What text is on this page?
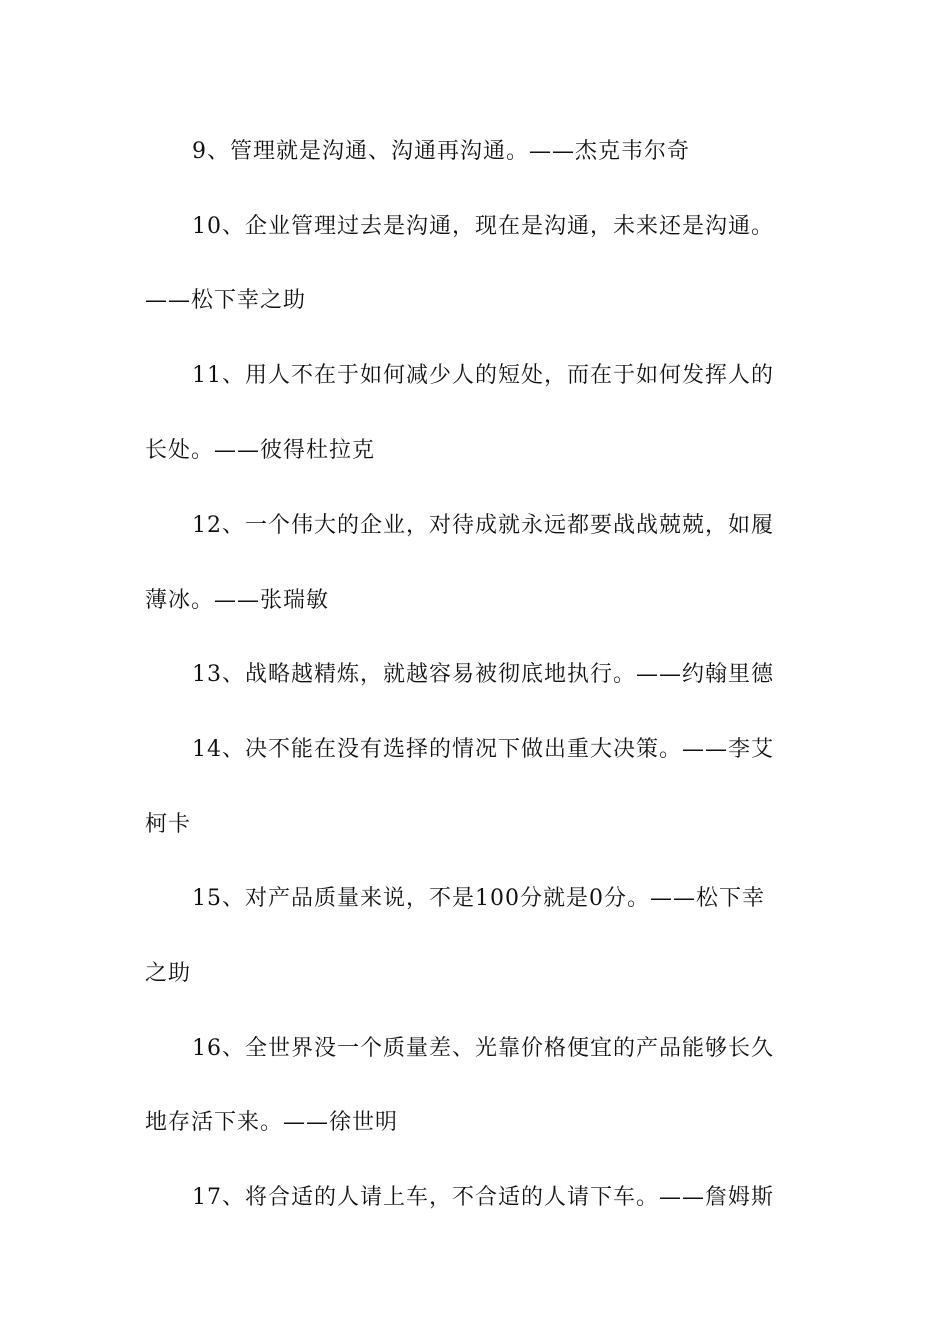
9、管理就是沟通、沟通再沟通。——杰克韦尔奇
10、企业管理过去是沟通，现在是沟通，未来还是沟通。
——松下幸之助
11、用人不在于如何减少人的短处，而在于如何发挥人的
长处。——彼得杜拉克
12、一个伟大的企业，对待成就永远都要战战兢兢，如履
薄冰。——张瑞敏
13、战略越精炼，就越容易被彻底地执行。——约翰里德
14、决不能在没有选择的情况下做出重大决策。——李艾
柯卡
15、对产品质量来说，不是100分就是0分。——松下幸
之助
16、全世界没一个质量差、光靠价格便宜的产品能够长久
地存活下来。——徐世明
17、将合适的人请上车，不合适的人请下车。——詹姆斯
